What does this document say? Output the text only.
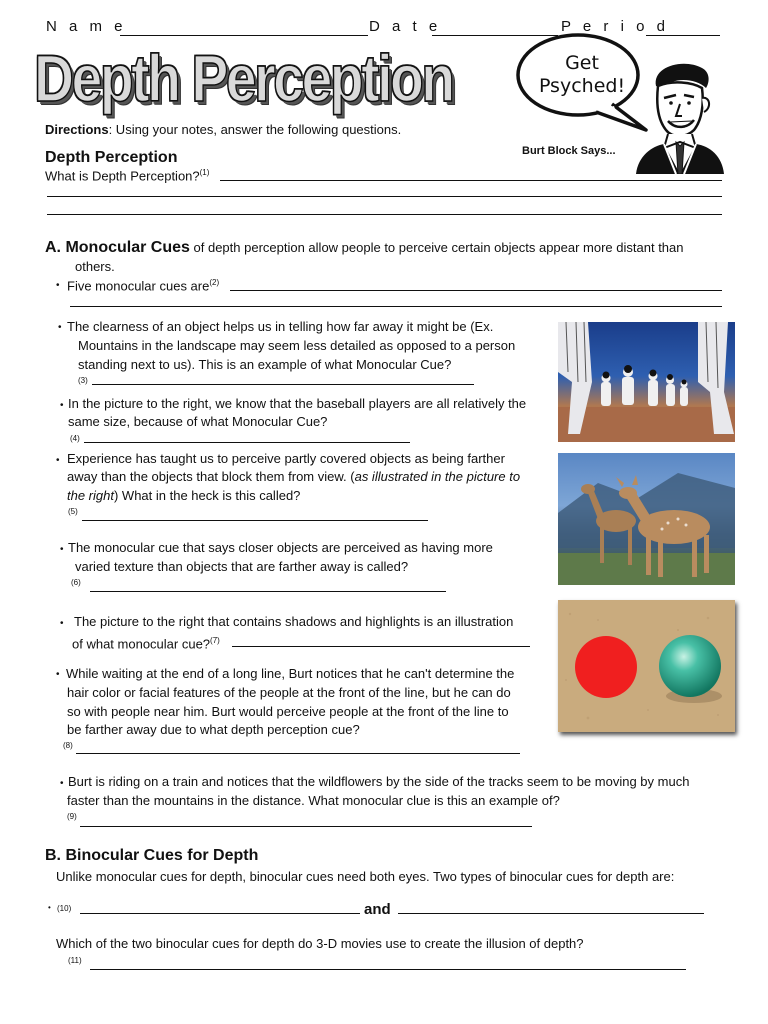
N a m e	D a t e	P e r i o d
Depth Perception	Get
Psyched!
Burt Block Says...
Directions: Using your notes, answer the following questions.
Depth Perception
What is Depth Perception?$^{(1)}$
A. Monocular Cues of depth perception allow people to perceive certain objects appear more distant than
others.
• Five monocular cues are$^{(2)}$
• The clearness of an object helps us in telling how far away it might be (Ex.
Mountains in the landscape may seem less detailed as opposed to a person
standing next to us). This is an example of what Monocular Cue?
(3)
• In the picture to the right, we know that the baseball players are all relatively the
same size, because of what Monocular Cue?
(4)
• Experience has taught us to perceive partly covered objects as being farther
away than the objects that block them from view. (as illustrated in the picture to
the right) What in the heck is this called?
(5)
• The monocular cue that says closer objects are perceived as having more
varied texture than objects that are farther away is called?
(6)
• The picture to the right that contains shadows and highlights is an illustration
of what monocular cue?$^{(7)}$
• While waiting at the end of a long line, Burt notices that he can't determine the
hair color or facial features of the people at the front of the line, but he can do
so with people near him. Burt would perceive people at the front of the line to
be farther away due to what depth perception cue?
(8)
• Burt is riding on a train and notices that the wildflowers by the side of the tracks seem to be moving by much
faster than the mountains in the distance. What monocular clue is this an example of?
(9)
B. Binocular Cues for Depth
Unlike monocular cues for depth, binocular cues need both eyes. Two types of binocular cues for depth are:
• (10)	and
Which of the two binocular cues for depth do 3-D movies use to create the illusion of depth?
(11)
